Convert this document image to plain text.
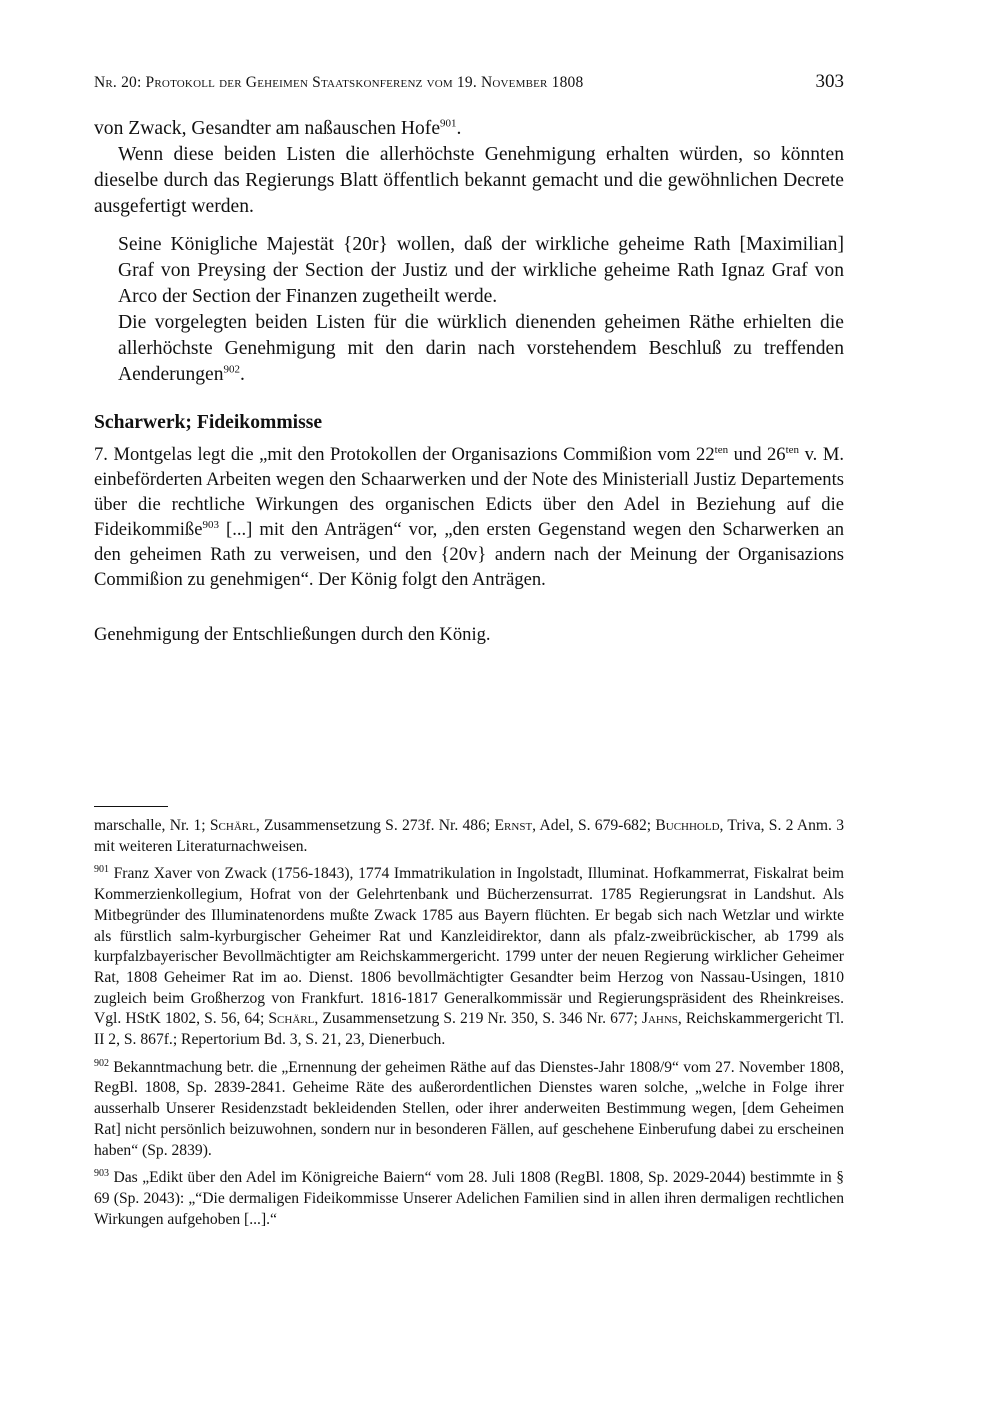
Nr. 20: Protokoll der Geheimen Staatskonferenz vom 19. November 1808	303

von Zwack, Gesandter am naßauschen Hofe$^{901}$.

Wenn diese beiden Listen die allerhöchste Genehmigung erhalten würden, so könnten dieselbe durch das Regierungs Blatt öffentlich bekannt gemacht und die gewöhnlichen Decrete ausgefertigt werden.

Seine Königliche Majestät {20r} wollen, daß der wirkliche geheime Rath [Maximilian] Graf von Preysing der Section der Justiz und der wirkliche geheime Rath Ignaz Graf von Arco der Section der Finanzen zugetheilt werde.

Die vorgelegten beiden Listen für die würklich dienenden geheimen Räthe erhielten die allerhöchste Genehmigung mit den darin nach vorstehendem Beschluß zu treffenden Aenderungen$^{902}$.

Scharwerk; Fideikommisse

7. Montgelas legt die „mit den Protokollen der Organisazions Commißion vom $22^{ten}$ und $26^{ten}$ v. M. einbeförderten Arbeiten wegen den Schaarwerken und der Note des Ministeriall Justiz Departements über die rechtliche Wirkungen des organischen Edicts über den Adel in Beziehung auf die Fideikommiße$^{903}$ [...] mit den Anträgen“ vor, „den ersten Gegenstand wegen den Scharwerken an den geheimen Rath zu verweisen, und den {20v} andern nach der Meinung der Organisazions Commißion zu genehmigen“. Der König folgt den Anträgen.

Genehmigung der Entschließungen durch den König.

marschalle, Nr. 1; Schärl, Zusammensetzung S. 273f. Nr. 486; Ernst, Adel, S. 679-682; Buchhold, Triva, S. 2 Anm. 3 mit weiteren Literaturnachweisen.

$^{901}$ Franz Xaver von Zwack (1756-1843), 1774 Immatrikulation in Ingolstadt, Illuminat. Hofkammerrat, Fiskalrat beim Kommerzienkollegium, Hofrat von der Gelehrtenbank und Bücherzensurrat. 1785 Regierungsrat in Landshut. Als Mitbegründer des Illuminatenordens mußte Zwack 1785 aus Bayern flüchten. Er begab sich nach Wetzlar und wirkte als fürstlich salm-kyrburgischer Geheimer Rat und Kanzleidirektor, dann als pfalz-zweibrückischer, ab 1799 als kurpfalzbayerischer Bevollmächtigter am Reichskammergericht. 1799 unter der neuen Regierung wirklicher Geheimer Rat, 1808 Geheimer Rat im ao. Dienst. 1806 bevollmächtigter Gesandter beim Herzog von Nassau-Usingen, 1810 zugleich beim Großherzog von Frankfurt. 1816-1817 Generalkommissär und Regierungspräsident des Rheinkreises. Vgl. HStK 1802, S. 56, 64; Schärl, Zusammensetzung S. 219 Nr. 350, S. 346 Nr. 677; Jahns, Reichskammergericht Tl. II 2, S. 867f.; Repertorium Bd. 3, S. 21, 23, Dienerbuch.

$^{902}$ Bekanntmachung betr. die „Ernennung der geheimen Räthe auf das Dienstes-Jahr 1808/9“ vom 27. November 1808, RegBl. 1808, Sp. 2839-2841. Geheime Räte des außerordentlichen Dienstes waren solche, „welche in Folge ihrer ausserhalb Unserer Residenzstadt bekleidenden Stellen, oder ihrer anderweiten Bestimmung wegen, [dem Geheimen Rat] nicht persönlich beizuwohnen, sondern nur in besonderen Fällen, auf geschehene Einberufung dabei zu erscheinen haben“ (Sp. 2839).

$^{903}$ Das „Edikt über den Adel im Königreiche Baiern“ vom 28. Juli 1808 (RegBl. 1808, Sp. 2029-2044) bestimmte in § 69 (Sp. 2043): „“Die dermaligen Fideikommisse Unserer Adelichen Familien sind in allen ihren dermaligen rechtlichen Wirkungen aufgehoben [...].“
